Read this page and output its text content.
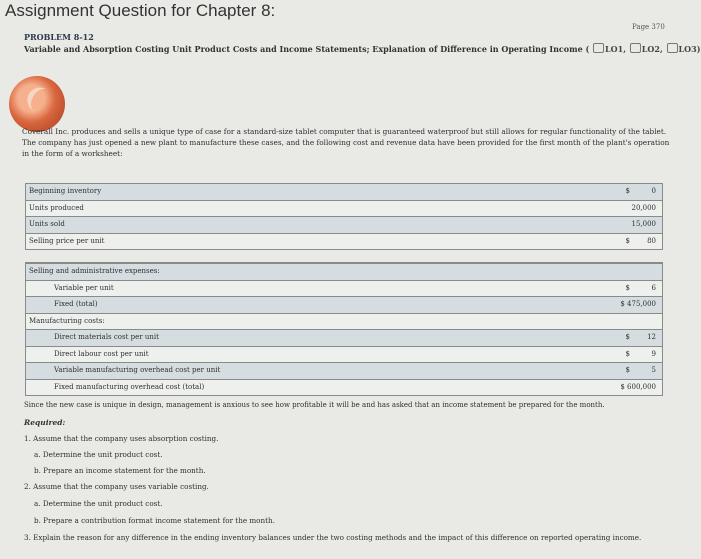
Assignment Question for Chapter 8:
Page 370
PROBLEM 8-12
Variable and Absorption Costing Unit Product Costs and Income Statements; Explanation of Difference in Operating Income ( LO1, LO2, LO3)
Coverall Inc. produces and sells a unique type of case for a standard-size tablet computer that is guaranteed waterproof but still allows for regular functionality of the tablet. The company has just opened a new plant to manufacture these cases, and the following cost and revenue data have been provided for the first month of the plant's operation in the form of a worksheet:
Beginning inventory	$	0
Units produced	20,000
Units sold	15,000
Selling price per unit	$ 80
Selling and administrative expenses:
Variable per unit	$	6
Fixed (total)	$ 475,000
Manufacturing costs:
Direct materials cost per unit	$ 12
Direct labour cost per unit	$	9
Variable manufacturing overhead cost per unit	$	5
Fixed manufacturing overhead cost (total)	$ 600,000
Since the new case is unique in design, management is anxious to see how profitable it will be and has asked that an income statement be prepared for the month.
Required:
1. Assume that the company uses absorption costing.
a. Determine the unit product cost.
b. Prepare an income statement for the month.
2. Assume that the company uses variable costing.
a. Determine the unit product cost.
b. Prepare a contribution format income statement for the month.
3. Explain the reason for any difference in the ending inventory balances under the two costing methods and the impact of this difference on reported operating income.
